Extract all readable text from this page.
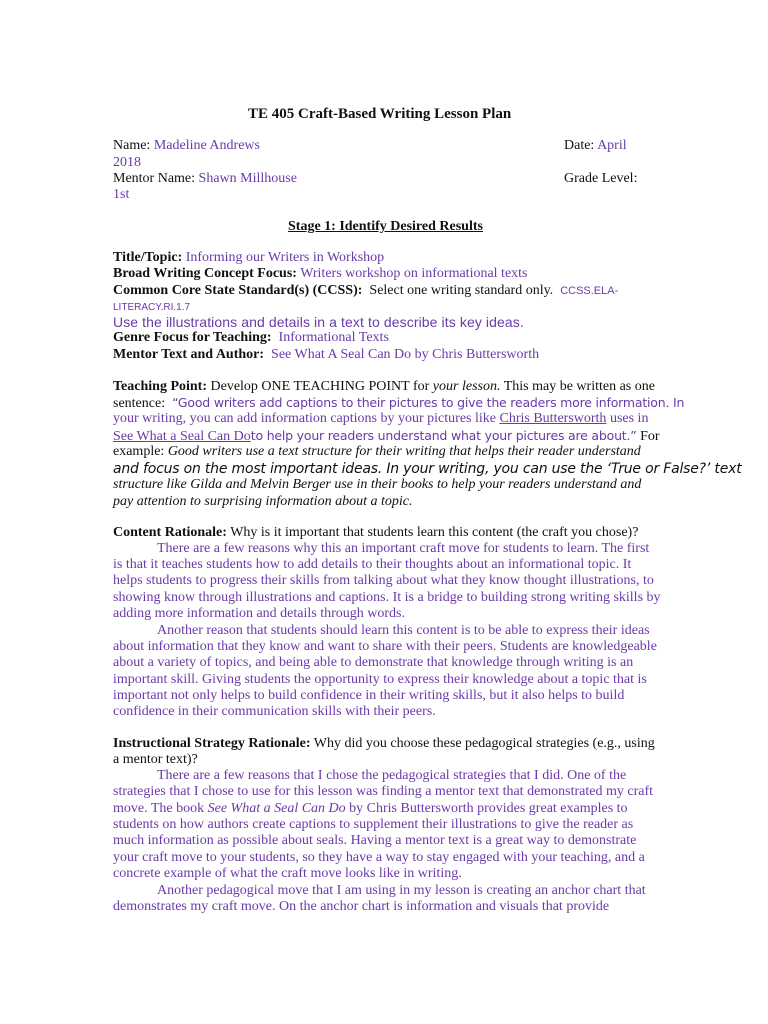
TE 405 Craft-Based Writing Lesson Plan
Name: Madeline Andrews	Date: April
2018
Mentor Name: Shawn Millhouse	Grade Level:
1st
Stage 1: Identify Desired Results
Title/Topic: Informing our Writers in Workshop
Broad Writing Concept Focus: Writers workshop on informational texts
Common Core State Standard(s) (CCSS): Select one writing standard only. CCSS.ELA-
LITERACY.RI.1.7
Use the illustrations and details in a text to describe its key ideas.
Genre Focus for Teaching: Informational Texts
Mentor Text and Author: See What A Seal Can Do by Chris Buttersworth
Teaching Point: Develop ONE TEACHING POINT for your lesson. This may be written as one
sentence: “Good writers add captions to their pictures to give the readers more information. In
your writing, you can add information captions by your pictures like Chris Buttersworth uses in
See What a Seal Can Doto help your readers understand what your pictures are about.” For
example: Good writers use a text structure for their writing that helps their reader understand
and focus on the most important ideas. In your writing, you can use the ‘True or False?’ text
structure like Gilda and Melvin Berger use in their books to help your readers understand and
pay attention to surprising information about a topic.
Content Rationale: Why is it important that students learn this content (the craft you chose)?
There are a few reasons why this an important craft move for students to learn. The first
is that it teaches students how to add details to their thoughts about an informational topic. It
helps students to progress their skills from talking about what they know thought illustrations, to
showing know through illustrations and captions. It is a bridge to building strong writing skills by
adding more information and details through words.
Another reason that students should learn this content is to be able to express their ideas
about information that they know and want to share with their peers. Students are knowledgeable
about a variety of topics, and being able to demonstrate that knowledge through writing is an
important skill. Giving students the opportunity to express their knowledge about a topic that is
important not only helps to build confidence in their writing skills, but it also helps to build
confidence in their communication skills with their peers.
Instructional Strategy Rationale: Why did you choose these pedagogical strategies (e.g., using
a mentor text)?
There are a few reasons that I chose the pedagogical strategies that I did. One of the
strategies that I chose to use for this lesson was finding a mentor text that demonstrated my craft
move. The book See What a Seal Can Do by Chris Buttersworth provides great examples to
students on how authors create captions to supplement their illustrations to give the reader as
much information as possible about seals. Having a mentor text is a great way to demonstrate
your craft move to your students, so they have a way to stay engaged with your teaching, and a
concrete example of what the craft move looks like in writing.
Another pedagogical move that I am using in my lesson is creating an anchor chart that
demonstrates my craft move. On the anchor chart is information and visuals that provide
